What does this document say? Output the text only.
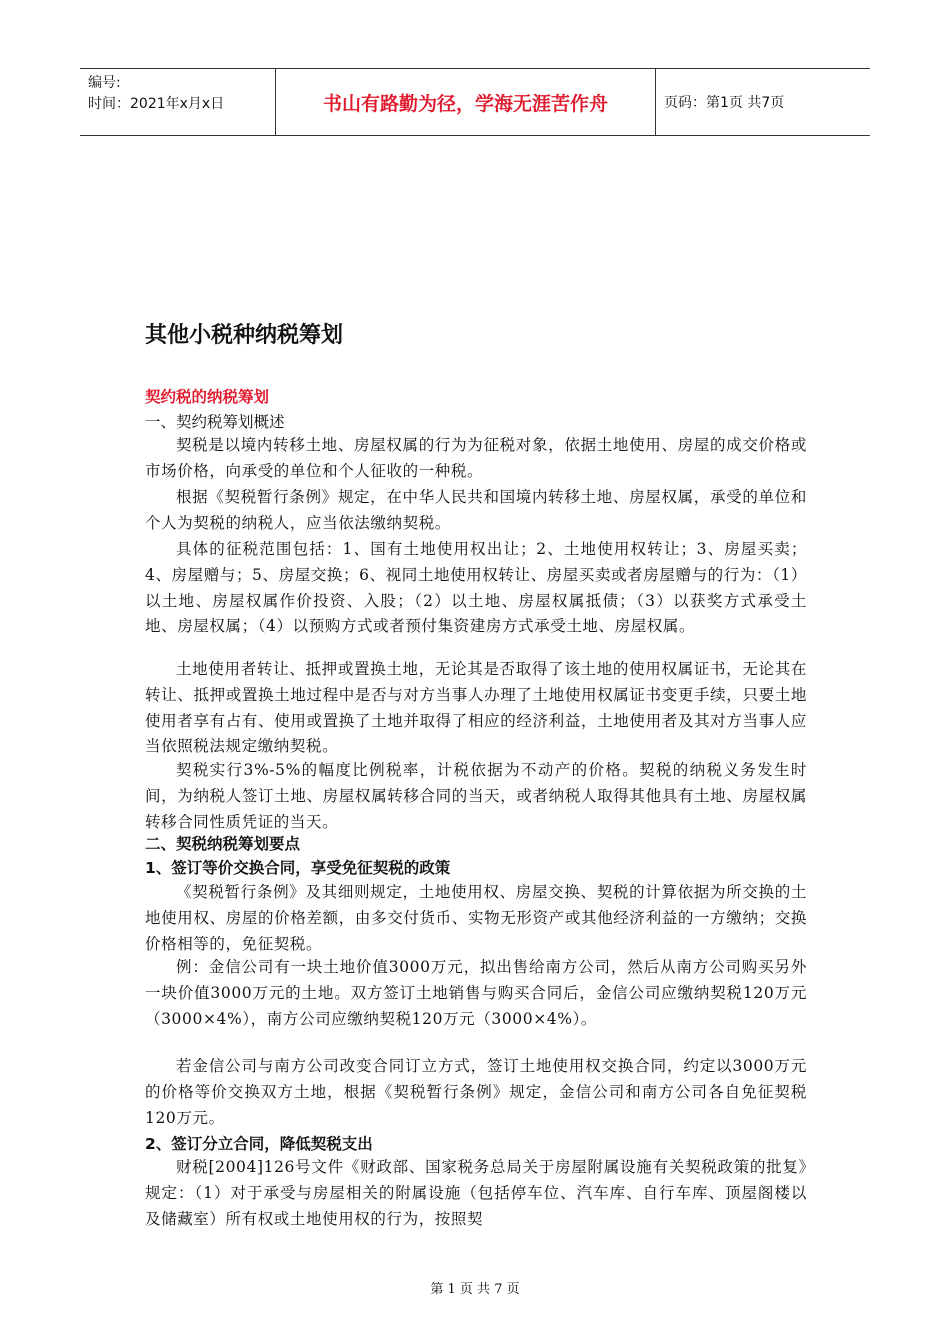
编号:
时间：2021年x月x日	书山有路勤为径，学海无涯苦作舟	页码：第1页 共7页
其他小税种纳税筹划
契约税的纳税筹划
一、契约税筹划概述
契税是以境内转移土地、房屋权属的行为为征税对象，依据土地使用、房屋的成交价格或市场价格，向承受的单位和个人征收的一种税。
根据《契税暂行条例》规定，在中华人民共和国境内转移土地、房屋权属，承受的单位和个人为契税的纳税人，应当依法缴纳契税。
具体的征税范围包括：1、国有土地使用权出让；2、土地使用权转让；3、房屋买卖；4、房屋赠与；5、房屋交换；6、视同土地使用权转让、房屋买卖或者房屋赠与的行为：（1）以土地、房屋权属作价投资、入股；（2）以土地、房屋权属抵债；（3）以获奖方式承受土地、房屋权属；（4）以预购方式或者预付集资建房方式承受土地、房屋权属。
土地使用者转让、抵押或置换土地，无论其是否取得了该土地的使用权属证书，无论其在转让、抵押或置换土地过程中是否与对方当事人办理了土地使用权属证书变更手续，只要土地使用者享有占有、使用或置换了土地并取得了相应的经济利益，土地使用者及其对方当事人应当依照税法规定缴纳契税。
契税实行3%-5%的幅度比例税率，计税依据为不动产的价格。契税的纳税义务发生时间，为纳税人签订土地、房屋权属转移合同的当天，或者纳税人取得其他具有土地、房屋权属转移合同性质凭证的当天。
二、契税纳税筹划要点
1、签订等价交换合同，享受免征契税的政策
《契税暂行条例》及其细则规定，土地使用权、房屋交换、契税的计算依据为所交换的土地使用权、房屋的价格差额，由多交付货币、实物无形资产或其他经济利益的一方缴纳；交换价格相等的，免征契税。
例：金信公司有一块土地价值3000万元，拟出售给南方公司，然后从南方公司购买另外一块价值3000万元的土地。双方签订土地销售与购买合同后，金信公司应缴纳契税120万元（3000×4%），南方公司应缴纳契税120万元（3000×4%）。
若金信公司与南方公司改变合同订立方式，签订土地使用权交换合同，约定以3000万元的价格等价交换双方土地，根据《契税暂行条例》规定，金信公司和南方公司各自免征契税120万元。
2、签订分立合同，降低契税支出
财税[2004]126号文件《财政部、国家税务总局关于房屋附属设施有关契税政策的批复》规定：（1）对于承受与房屋相关的附属设施（包括停车位、汽车库、自行车库、顶屋阁楼以及储藏室）所有权或土地使用权的行为，按照契
第 1 页 共 7 页
